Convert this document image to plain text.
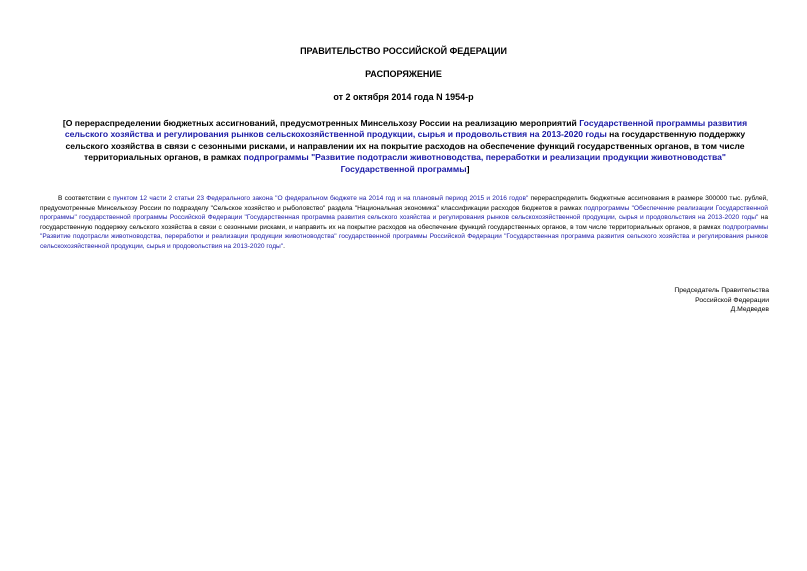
ПРАВИТЕЛЬСТВО РОССИЙСКОЙ ФЕДЕРАЦИИ
РАСПОРЯЖЕНИЕ
от 2 октября 2014 года N 1954-р
[О перераспределении бюджетных ассигнований, предусмотренных Минсельхозу России на реализацию мероприятий Государственной программы развития сельского хозяйства и регулирования рынков сельскохозяйственной продукции, сырья и продовольствия на 2013-2020 годы на государственную поддержку сельского хозяйства в связи с сезонными рисками, и направлении их на покрытие расходов на обеспечение функций государственных органов, в том числе территориальных органов, в рамках подпрограммы "Развитие подотрасли животноводства, переработки и реализации продукции животноводства" Государственной программы]
В соответствии с пунктом 12 части 2 статьи 23 Федерального закона "О федеральном бюджете на 2014 год и на плановый период 2015 и 2016 годов" перераспределить бюджетные ассигнования в размере 300000 тыс. рублей, предусмотренные Минсельхозу России по подразделу "Сельское хозяйство и рыболовство" раздела "Национальная экономика" классификации расходов бюджетов в рамках подпрограммы "Обеспечение реализации Государственной программы" государственной программы Российской Федерации "Государственная программа развития сельского хозяйства и регулирования рынков сельскохозяйственной продукции, сырья и продовольствия на 2013-2020 годы" на государственную поддержку сельского хозяйства в связи с сезонными рисками, и направить их на покрытие расходов на обеспечение функций государственных органов, в том числе территориальных органов, в рамках подпрограммы "Развитие подотрасли животноводства, переработки и реализации продукции животноводства" государственной программы Российской Федерации "Государственная программа развития сельского хозяйства и регулирования рынков сельскохозяйственной продукции, сырья и продовольствия на 2013-2020 годы".
Председатель Правительства
Российской Федерации
Д.Медведев
